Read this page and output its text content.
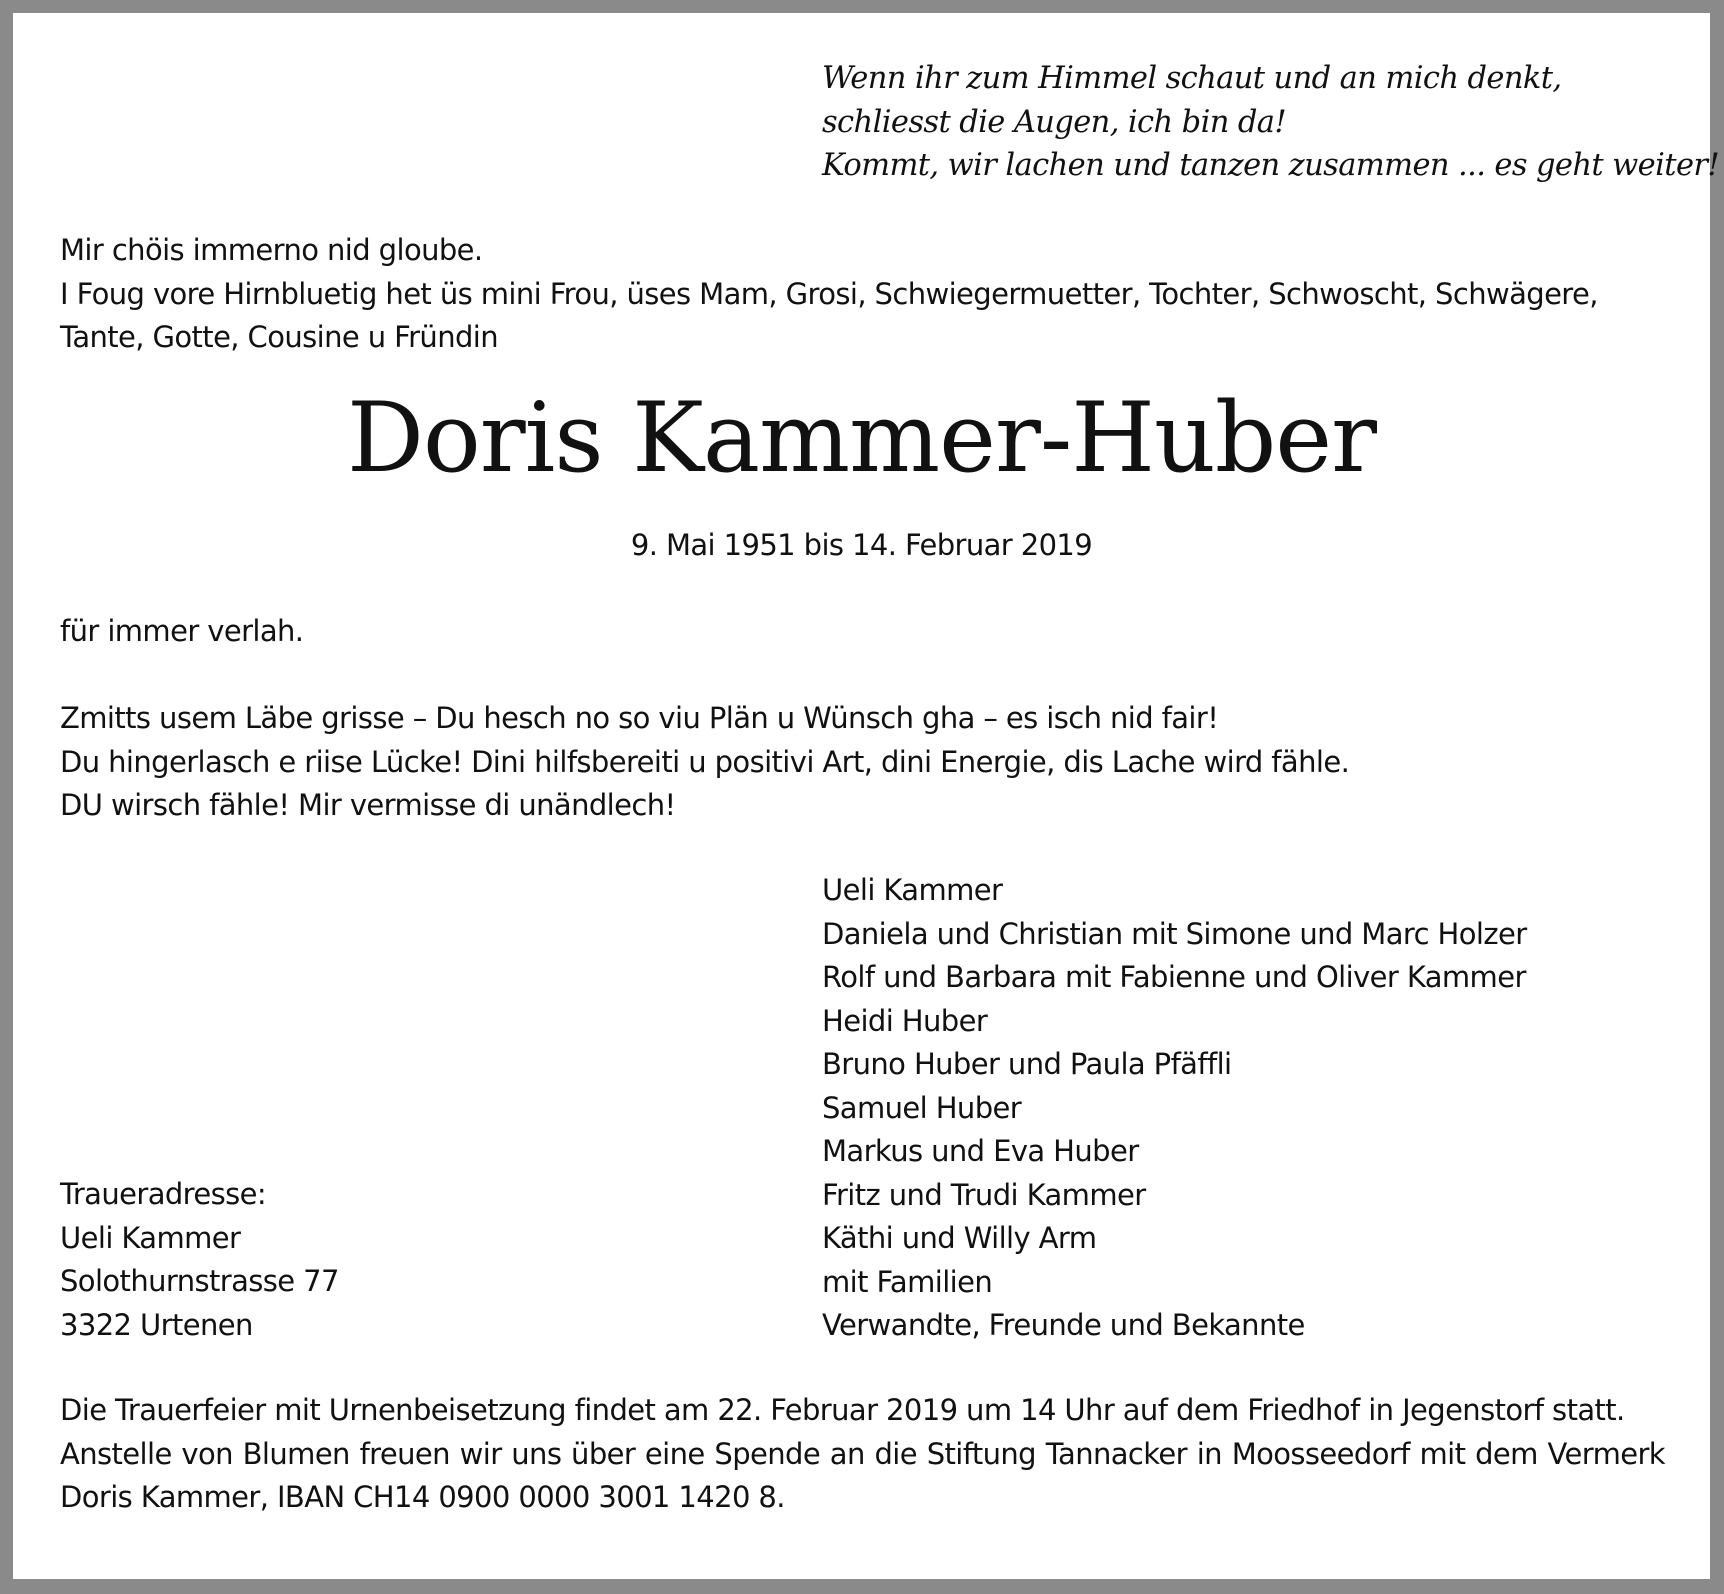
Wenn ihr zum Himmel schaut und an mich denkt,
schliesst die Augen, ich bin da!
Kommt, wir lachen und tanzen zusammen ... es geht weiter!
Mir chöis immerno nid gloube.
I Foug vore Hirnbluetig het üs mini Frou, üses Mam, Grosi, Schwiegermuetter, Tochter, Schwoscht, Schwägere,
Tante, Gotte, Cousine u Fründin
Doris Kammer-Huber
9. Mai 1951 bis 14. Februar 2019
für immer verlah.
Zmitts usem Läbe grisse – Du hesch no so viu Plän u Wünsch gha – es isch nid fair!
Du hingerlasch e riise Lücke! Dini hilfsbereiti u positivi Art, dini Energie, dis Lache wird fähle.
DU wirsch fähle! Mir vermisse di unändlech!
Ueli Kammer
Daniela und Christian mit Simone und Marc Holzer
Rolf und Barbara mit Fabienne und Oliver Kammer
Heidi Huber
Bruno Huber und Paula Pfäffli
Samuel Huber
Markus und Eva Huber
Fritz und Trudi Kammer
Käthi und Willy Arm
mit Familien
Verwandte, Freunde und Bekannte
Traueradresse:
Ueli Kammer
Solothurnstrasse 77
3322 Urtenen

Die Trauerfeier mit Urnenbeisetzung findet am 22. Februar 2019 um 14 Uhr auf dem Friedhof in Jegenstorf statt.

Anstelle von Blumen freuen wir uns über eine Spende an die Stiftung Tannacker in Moosseedorf mit dem Vermerk Doris Kammer, IBAN CH14 0900 0000 3001 1420 8.
